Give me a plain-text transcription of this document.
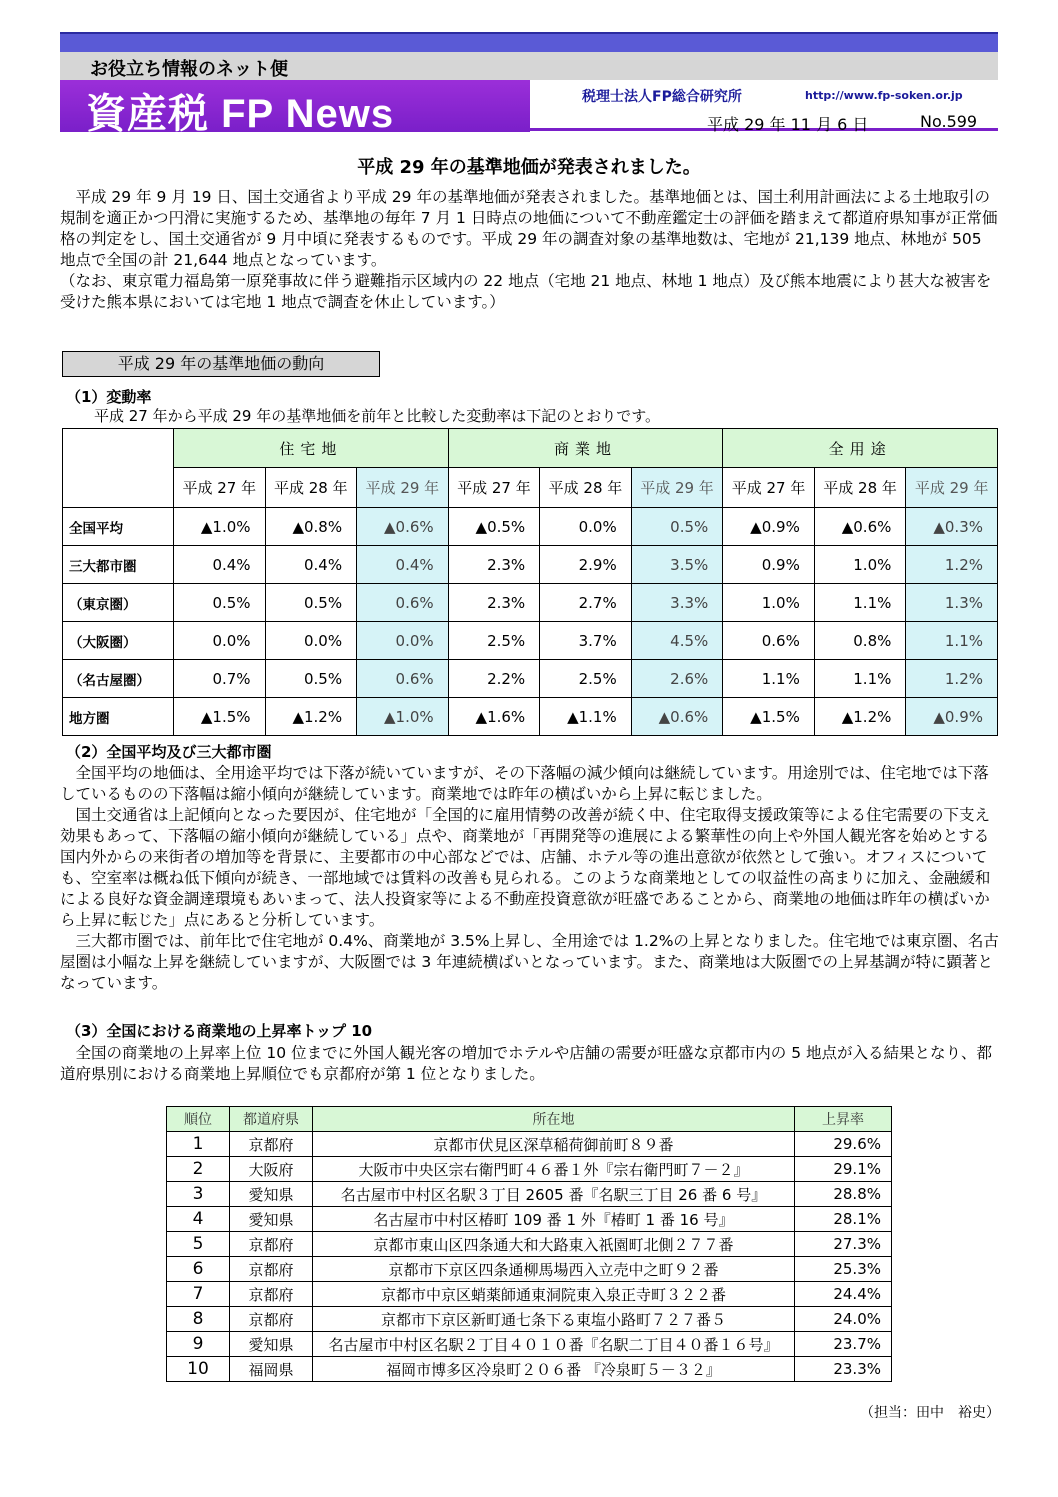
お役立ち情報のネット便
資産税 FP News	税理士法人FP総合研究所	http://www.fp-soken.or.jp
平成 29 年 11 月 6 日	No.599
平成 29 年の基準地価が発表されました。
　平成 29 年 9 月 19 日、国土交通省より平成 29 年の基準地価が発表されました。基準地価とは、国土利用計画法による土地取引の規制を適正かつ円滑に実施するため、基準地の毎年 7 月 1 日時点の地価について不動産鑑定士の評価を踏まえて都道府県知事が正常価格の判定をし、国土交通省が 9 月中頃に発表するものです。平成 29 年の調査対象の基準地数は、宅地が 21,139 地点、林地が 505 地点で全国の計 21,644 地点となっています。
（なお、東京電力福島第一原発事故に伴う避難指示区域内の 22 地点（宅地 21 地点、林地 1 地点）及び熊本地震により甚大な被害を受けた熊本県においては宅地 1 地点で調査を休止しています。）
平成 29 年の基準地価の動向
（1）変動率
平成 27 年から平成 29 年の基準地価を前年と比較した変動率は下記のとおりです。
	住宅地			商業地			全用途		
	平成 27 年	平成 28 年	平成 29 年	平成 27 年	平成 28 年	平成 29 年	平成 27 年	平成 28 年	平成 29 年
全国平均	▲1.0%	▲0.8%	▲0.6%	▲0.5%	0.0%	0.5%	▲0.9%	▲0.6%	▲0.3%
三大都市圏	0.4%	0.4%	0.4%	2.3%	2.9%	3.5%	0.9%	1.0%	1.2%
（東京圏）	0.5%	0.5%	0.6%	2.3%	2.7%	3.3%	1.0%	1.1%	1.3%
（大阪圏）	0.0%	0.0%	0.0%	2.5%	3.7%	4.5%	0.6%	0.8%	1.1%
（名古屋圏）	0.7%	0.5%	0.6%	2.2%	2.5%	2.6%	1.1%	1.1%	1.2%
地方圏	▲1.5%	▲1.2%	▲1.0%	▲1.6%	▲1.1%	▲0.6%	▲1.5%	▲1.2%	▲0.9%
（2）全国平均及び三大都市圏
　全国平均の地価は、全用途平均では下落が続いていますが、その下落幅の減少傾向は継続しています。用途別では、住宅地では下落しているものの下落幅は縮小傾向が継続しています。商業地では昨年の横ばいから上昇に転じました。
　国土交通省は上記傾向となった要因が、住宅地が「全国的に雇用情勢の改善が続く中、住宅取得支援政策等による住宅需要の下支え効果もあって、下落幅の縮小傾向が継続している」点や、商業地が「再開発等の進展による繁華性の向上や外国人観光客を始めとする国内外からの来街者の増加等を背景に、主要都市の中心部などでは、店舗、ホテル等の進出意欲が依然として強い。オフィスについても、空室率は概ね低下傾向が続き、一部地域では賃料の改善も見られる。このような商業地としての収益性の高まりに加え、金融緩和による良好な資金調達環境もあいまって、法人投資家等による不動産投資意欲が旺盛であることから、商業地の地価は昨年の横ばいから上昇に転じた」点にあると分析しています。
　三大都市圏では、前年比で住宅地が 0.4%、商業地が 3.5%上昇し、全用途では 1.2%の上昇となりました。住宅地では東京圏、名古屋圏は小幅な上昇を継続していますが、大阪圏では 3 年連続横ばいとなっています。また、商業地は大阪圏での上昇基調が特に顕著となっています。
（3）全国における商業地の上昇率トップ 10
　全国の商業地の上昇率上位 10 位までに外国人観光客の増加でホテルや店舗の需要が旺盛な京都市内の 5 地点が入る結果となり、都道府県別における商業地上昇順位でも京都府が第 1 位となりました。
順位	都道府県	所在地	上昇率
1	京都府	京都市伏見区深草稲荷御前町８９番	29.6%
2	大阪府	大阪市中央区宗右衛門町４６番１外『宗右衛門町７－２』	29.1%
3	愛知県	名古屋市中村区名駅３丁目 2605 番『名駅三丁目 26 番 6 号』	28.8%
4	愛知県	名古屋市中村区椿町 109 番 1 外『椿町 1 番 16 号』	28.1%
5	京都府	京都市東山区四条通大和大路東入祇園町北側２７７番	27.3%
6	京都府	京都市下京区四条通柳馬場西入立売中之町９２番	25.3%
7	京都府	京都市中京区蛸薬師通東洞院東入泉正寺町３２２番	24.4%
8	京都府	京都市下京区新町通七条下る東塩小路町７２７番５	24.0%
9	愛知県	名古屋市中村区名駅２丁目４０１０番『名駅二丁目４０番１６号』	23.7%
10	福岡県	福岡市博多区冷泉町２０６番 『冷泉町５－３２』	23.3%
（担当：田中　裕史）
